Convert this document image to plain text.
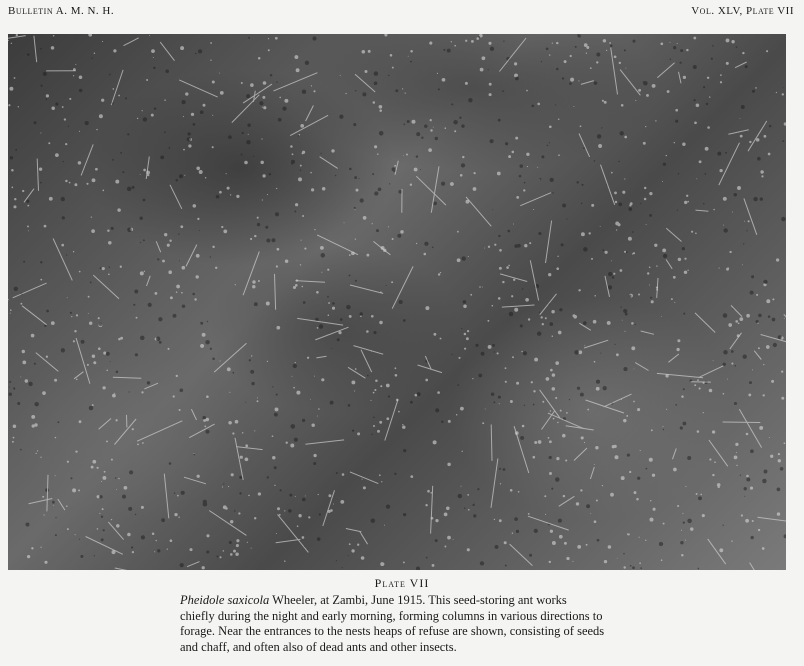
Bulletin A. M. N. H.	Vol. XLV, Plate VII
Plate VII
Pheidole saxicola Wheeler, at Zambi, June 1915. This seed-storing ant works
chiefly during the night and early morning, forming columns in various directions to
forage. Near the entrances to the nests heaps of refuse are shown, consisting of seeds
and chaff, and often also of dead ants and other insects.
